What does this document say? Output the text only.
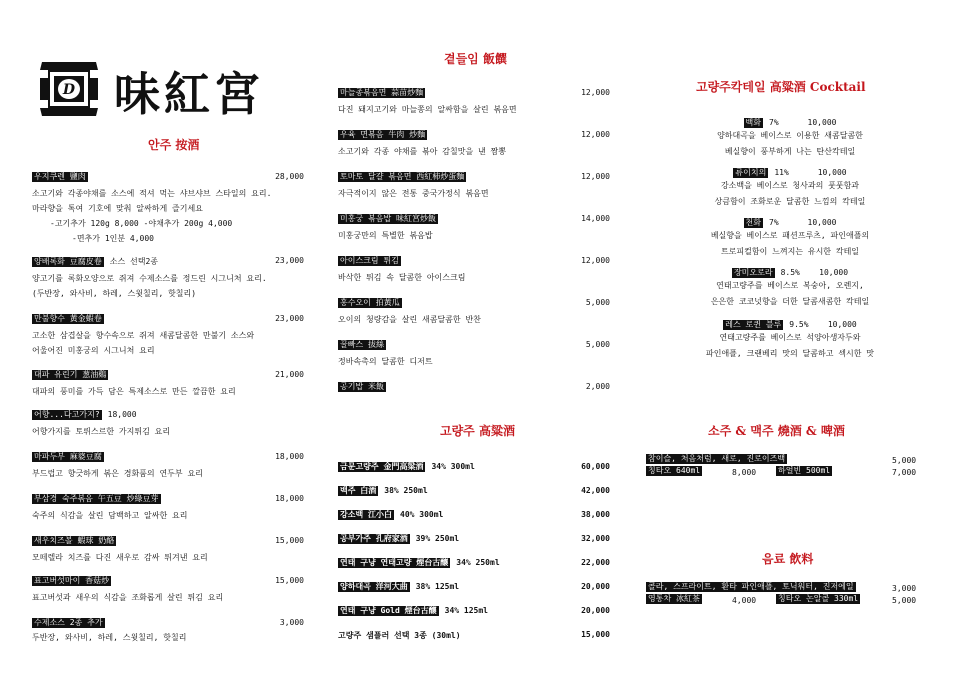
D 味紅宮
안주 按酒
곁들임 飯饌
고량주 高粱酒
고량주칵테일 高粱酒 Cocktail
소주 & 맥주 燒酒 & 啤酒
음료 飲料
우지쿠렌 鹽肉	28,000
소고기와 각종야채를 소스에 적셔 먹는 샤브샤브 스타일의 요리.
마라향을 톡여 기호에 맞춰 알싸하게 즐기세요
-고기추가 120g 8,000 -야채추가 200g 4,000
-면추가 1인분 4,000
양배록화 豆腐皮卷 소스 선택2종	23,000
양고기를 록화오양으로 쥐져 수제소스를 정드린 시그니처 요리.
(두반장, 와사비, 하레, 스윗칠리, 핫칠리)
만불향수 黃金蝦卷	23,000
고소한 삼겹살을 향수속으로 쥐져 새콤달콤한 만불기 소스와
어울어진 미홍궁의 시그니처 요리
대파 유린기 葱油鷄	21,000
대파의 풍미를 가득 담은 특제소스로 만든 깔끔한 요리
어향...다고가지? 18,000
어향가지를 토뤼스르한 가지튀김 요리
마파두부 麻婆豆腐	18,000
부드럽고 향긋하게 볶은 경화품의 연두부 요리
부삼경 숙주볶음 午五豆 炒綠豆芽	18,000
숙주의 식감을 살린 담백하고 알싸한 요리
새우치즈볼 蝦球 奶酪	15,000
모떼렐라 치즈를 다진 새우로 감싸 튀겨낸 요리
표고버섯마이 香菇炒	15,000
표고버섯과 새우의 식감을 조화롭게 살린 튀김 요리
수제소스 2종 추가	3,000
두반장, 와사비, 하레, 스윗칠리, 핫칠리
마늘종볶음면 蒜苗炒麵	12,000
다진 돼지고기와 마늘쫑의 알싸함을 살린 볶음면
우육 면볶음 牛肉 炒麵	12,000
소고기와 각종 야채를 볶아 감칠맛을 낸 짬뽕
토마토 달걀 볶음면 西紅柿炒蛋麵	12,000
자극적이지 않은 전통 중국가정식 볶음면
미홍궁 볶음밥 味紅宮炒飯	14,000
미홍궁만의 특별한 볶음밥
아이스크림 튀김	12,000
바삭한 튀김 속 달콤한 아이스크림
홍수오이 拍黃瓜	5,000
오이의 청량감을 살린 새콤달콤한 반찬
꿀빠스 拔絲	5,000
정바속촉의 달콤한 디저트
공기밥 米飯	2,000
금문고량주 金門高粱酒 34% 300ml	60,000
백주 白酒 38% 250ml	42,000
강소백 江小白 40% 300ml	38,000
공부가주 孔府家酒 39% 250ml	32,000
연태 구냥 연태고량 煙台古釀 34% 250ml	22,000
양하대곡 洋河大曲 38% 125ml	20,000
연태 구냥 Gold 煙台古釀 34% 125ml	20,000
고량주 샘플러 선택 3종 (30ml)	15,000
백화 7%	10,000
양하대곡을 베이스로 이용한 새콤달콤한
베실향이 풍부하게 나는 탄산칵테일
류이치의 11%	10,000
강소백을 베이스로 청사과의 풋풋함과
상큼함이 조화로운 달콤한 느낌의 칵테일
천화 7%	10,000
베실향을 베이스로 패션프루츠, 파인애플의
트로피컬함이 느껴지는 유시한 칵테일
장미오로라 8.5% 10,000
연태고량주를 베이스로 복숭아, 오렌지,
은은한 코코넛향을 더한 달콤새콤한 칵테일
레스 로퀸 블루 9.5% 10,000
연태고량주를 베이스로 석양아생자두와
파인애플, 크랜베리 맛의 달콤하고 섹시한 맛
참이슬, 처음처럼, 새로, 진로이즈백	5,000
칭타오 640ml	8,000	하얼빈 500ml	7,000
콜라, 스프라이트, 환타 파인애플, 토닉워터, 진저에일	3,000
영통차 冰紅茶	4,000	칭타오 논알콜 330ml	5,000
